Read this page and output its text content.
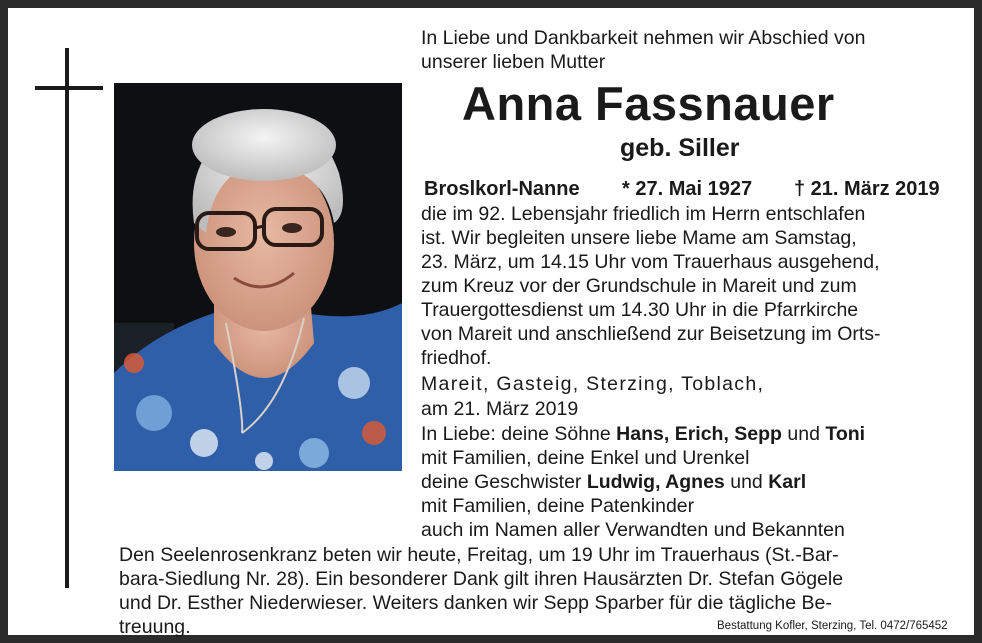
In Liebe und Dankbarkeit nehmen wir Abschied von
unserer lieben Mutter
Anna Fassnauer
geb. Siller
Broslkorl-Nanne * 27. Mai 1927 † 21. März 2019
die im 92. Lebensjahr friedlich im Herrn entschlafen
ist. Wir begleiten unsere liebe Mame am Samstag,
23. März, um 14.15 Uhr vom Trauerhaus ausgehend,
zum Kreuz vor der Grundschule in Mareit und zum
Trauergottesdienst um 14.30 Uhr in die Pfarrkirche
von Mareit und anschließend zur Beisetzung im Orts-
friedhof.
Mareit, Gasteig, Sterzing, Toblach,
am 21. März 2019
In Liebe: deine Söhne Hans, Erich, Sepp und Toni
mit Familien, deine Enkel und Urenkel
deine Geschwister Ludwig, Agnes und Karl
mit Familien, deine Patenkinder
auch im Namen aller Verwandten und Bekannten
Den Seelenrosenkranz beten wir heute, Freitag, um 19 Uhr im Trauerhaus (St.-Bar-
bara-Siedlung Nr. 28). Ein besonderer Dank gilt ihren Hausärzten Dr. Stefan Gögele
und Dr. Esther Niederwieser. Weiters danken wir Sepp Sparber für die tägliche Be-
treuung.	Bestattung Kofler, Sterzing, Tel. 0472/765452
